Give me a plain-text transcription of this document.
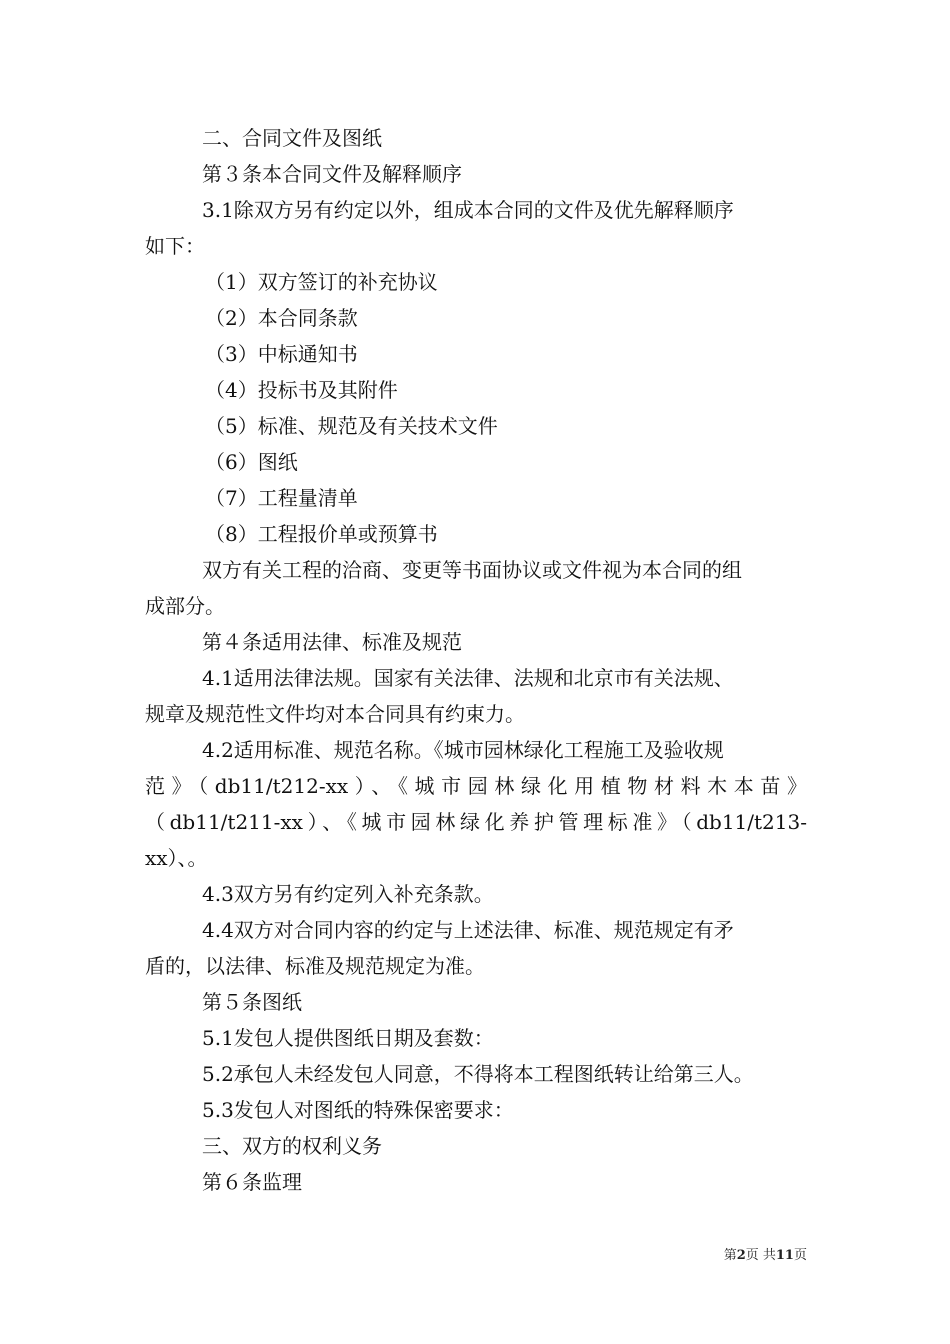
二、合同文件及图纸

第３条本合同文件及解释顺序

3.1除双方另有约定以外，组成本合同的文件及优先解释顺序

如下：

（1）双方签订的补充协议

（2）本合同条款

（3）中标通知书

（4）投标书及其附件

（5）标准、规范及有关技术文件

（6）图纸

（7）工程量清单

（8）工程报价单或预算书

双方有关工程的洽商、变更等书面协议或文件视为本合同的组

成部分。

第４条适用法律、标准及规范

4.1适用法律法规。国家有关法律、法规和北京市有关法规、

规章及规范性文件均对本合同具有约束力。

4.2适用标准、规范名称。《城市园林绿化工程施工及验收规

范》（db11/t212-xx）、《城市园林绿化用植物材料木本苗》

（db11/t211-xx）、《城市园林绿化养护管理标准》（db11/t213-

xx）、。

4.3双方另有约定列入补充条款。

4.4双方对合同内容的约定与上述法律、标准、规范规定有矛

盾的，以法律、标准及规范规定为准。

第５条图纸

5.1发包人提供图纸日期及套数：

5.2承包人未经发包人同意，不得将本工程图纸转让给第三人。

5.3发包人对图纸的特殊保密要求：

三、双方的权利义务

第６条监理

第2页 共11页
